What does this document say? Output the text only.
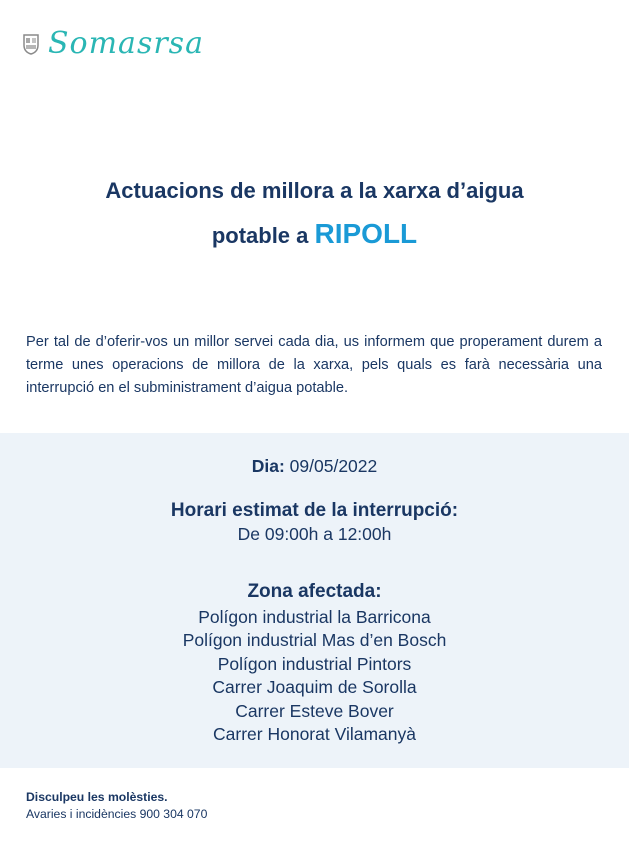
Somasrsa
Actuacions de millora a la xarxa d’aigua
potable a RIPOLL

Per tal de d’oferir-vos un millor servei cada dia, us informem que properament durem a terme unes operacions de millora de la xarxa, pels quals es farà necessària una interrupció en el subministrament d’aigua potable.

Dia: 09/05/2022
Horari estimat de la interrupció:
De 09:00h a 12:00h
Zona afectada:
Polígon industrial la Barricona
Polígon industrial Mas d’en Bosch
Polígon industrial Pintors
Carrer Joaquim de Sorolla
Carrer Esteve Bover
Carrer Honorat Vilamanyà
Disculpeu les molèsties.
Avaries i incidències 900 304 070
